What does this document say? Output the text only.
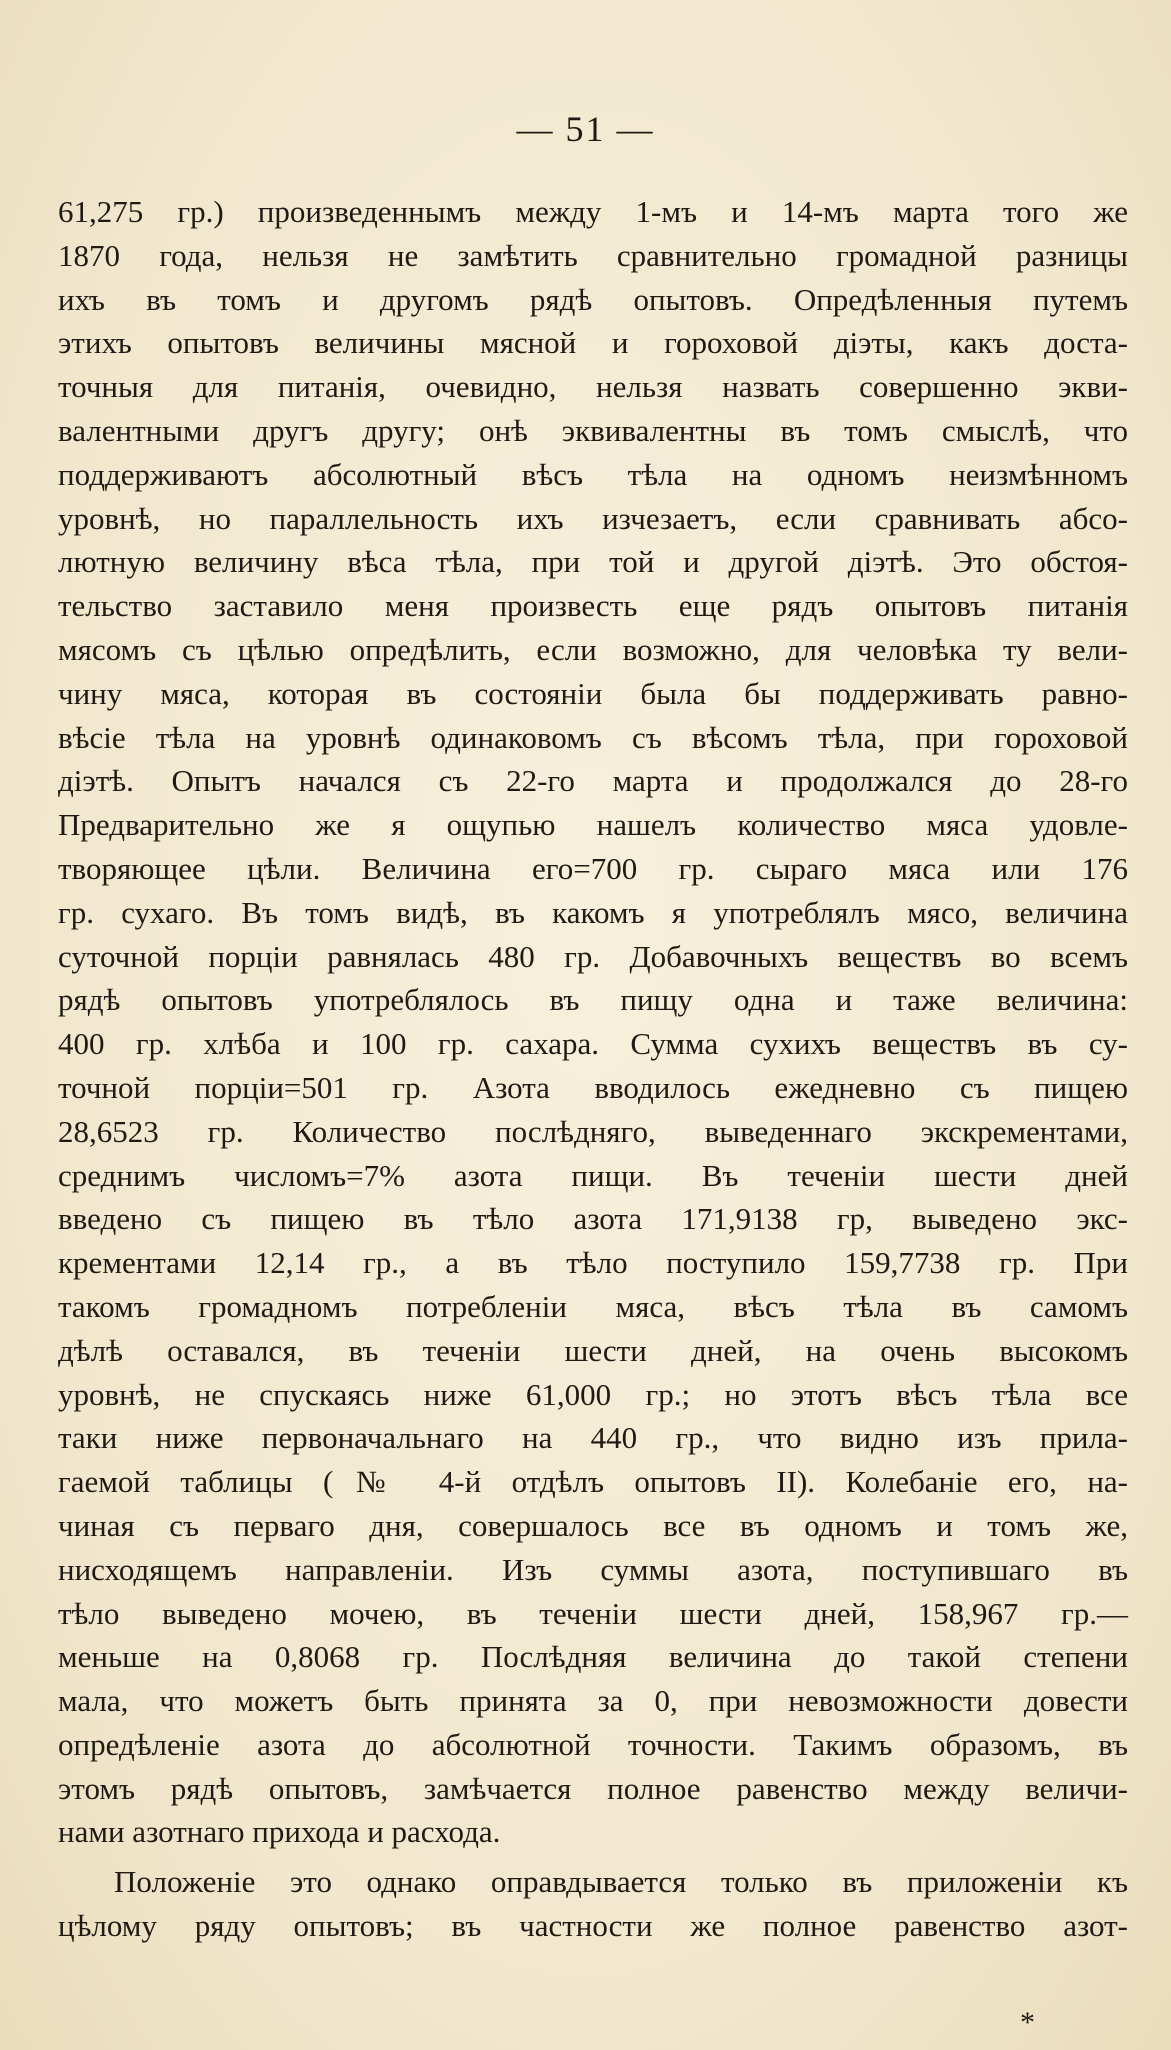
— 51 —
61,275 гр.) произведеннымъ между 1-мъ и 14-мъ марта того же
1870 года, нельзя не замѣтить сравнительно громадной разницы
ихъ въ томъ и другомъ рядѣ опытовъ. Опредѣленныя путемъ
этихъ опытовъ величины мясной и гороховой дiэты, какъ доста-
точныя для питанiя, очевидно, нельзя назвать совершенно экви-
валентными другъ другу; онѣ эквивалентны въ томъ смыслѣ, что
поддерживаютъ абсолютный вѣсъ тѣла на одномъ неизмѣнномъ
уровнѣ, но параллельность ихъ изчезаетъ, если сравнивать абсо-
лютную величину вѣса тѣла, при той и другой дiэтѣ. Это обстоя-
тельство заставило меня произвесть еще рядъ опытовъ питанiя
мясомъ съ цѣлью опредѣлить, если возможно, для человѣка ту вели-
чину мяса, которая въ состоянiи была бы поддерживать равно-
вѣсiе тѣла на уровнѣ одинаковомъ съ вѣсомъ тѣла, при гороховой
дiэтѣ. Опытъ начался съ 22-го марта и продолжался до 28-го
Предварительно же я ощупью нашелъ количество мяса удовле-
творяющее цѣли. Величина его=700 гр. сыраго мяса или 176
гр. сухаго. Въ томъ видѣ, въ какомъ я употреблялъ мясо, величина
суточной порцiи равнялась 480 гр. Добавочныхъ веществъ во всемъ
рядѣ опытовъ употреблялось въ пищу одна и таже величина:
400 гр. хлѣба и 100 гр. сахара. Сумма сухихъ веществъ въ су-
точной порцiи=501 гр. Азота вводилось ежедневно съ пищею
28,6523 гр. Количество послѣдняго, выведеннаго экскрементами,
среднимъ числомъ=7% азота пищи. Въ теченiи шести дней
введено съ пищею въ тѣло азота 171,9138 гр, выведено экс-
крементами 12,14 гр., а въ тѣло поступило 159,7738 гр. При
такомъ громадномъ потребленiи мяса, вѣсъ тѣла въ самомъ
дѣлѣ оставался, въ теченiи шести дней, на очень высокомъ
уровнѣ, не спускаясь ниже 61,000 гр.; но этотъ вѣсъ тѣла все
таки ниже первоначальнаго на 440 гр., что видно изъ прила-
гаемой таблицы (№ 4-й отдѣлъ опытовъ II). Колебанiе его, на-
чиная съ перваго дня, совершалось все въ одномъ и томъ же,
нисходящемъ направленiи. Изъ суммы азота, поступившаго въ
тѣло выведено мочею, въ теченiи шести дней, 158,967 гр.—
меньше на 0,8068 гр. Послѣдняя величина до такой степени
мала, что можетъ быть принята за 0, при невозможности довести
опредѣленiе азота до абсолютной точности. Такимъ образомъ, въ
этомъ рядѣ опытовъ, замѣчается полное равенство между величи-
нами азотнаго прихода и расхода.
Положенiе это однако оправдывается только въ приложенiи къ
цѣлому ряду опытовъ; въ частности же полное равенство азот-
*
